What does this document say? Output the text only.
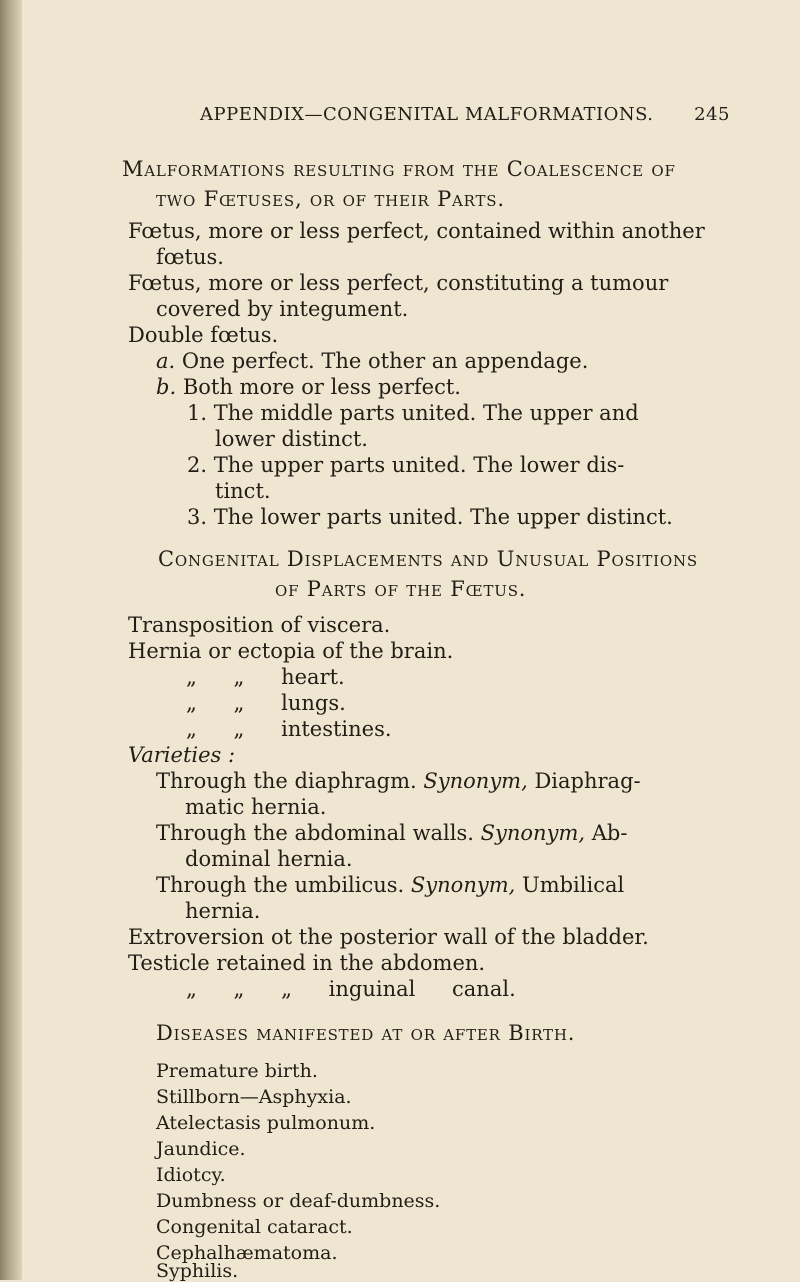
APPENDIX—CONGENITAL MALFORMATIONS. 245
Malformations resulting from the Coalescence of
two Fœtuses, or of their Parts.
Fœtus, more or less perfect, contained within another
fœtus.
Fœtus, more or less perfect, constituting a tumour
covered by integument.
Double fœtus.
a. One perfect. The other an appendage.
b. Both more or less perfect.
1. The middle parts united. The upper and
lower distinct.
2. The upper parts united. The lower dis-
tinct.
3. The lower parts united. The upper distinct.
Congenital Displacements and Unusual Positions
of Parts of the Fœtus.
Transposition of viscera.
Hernia or ectopia of the brain.
„ „ heart.
„ „ lungs.
„ „ intestines.
Varieties :
Through the diaphragm. Synonym, Diaphrag-
matic hernia.
Through the abdominal walls. Synonym, Ab-
dominal hernia.
Through the umbilicus. Synonym, Umbilical
hernia.
Extroversion ot the posterior wall of the bladder.
Testicle retained in the abdomen.
„ „ „ inguinal canal.
Diseases manifested at or after Birth.
Premature birth.
Stillborn—Asphyxia.
Atelectasis pulmonum.
Jaundice.
Idiotcy.
Dumbness or deaf-dumbness.
Congenital cataract.
Cephalhæmatoma.
Syphilis.
